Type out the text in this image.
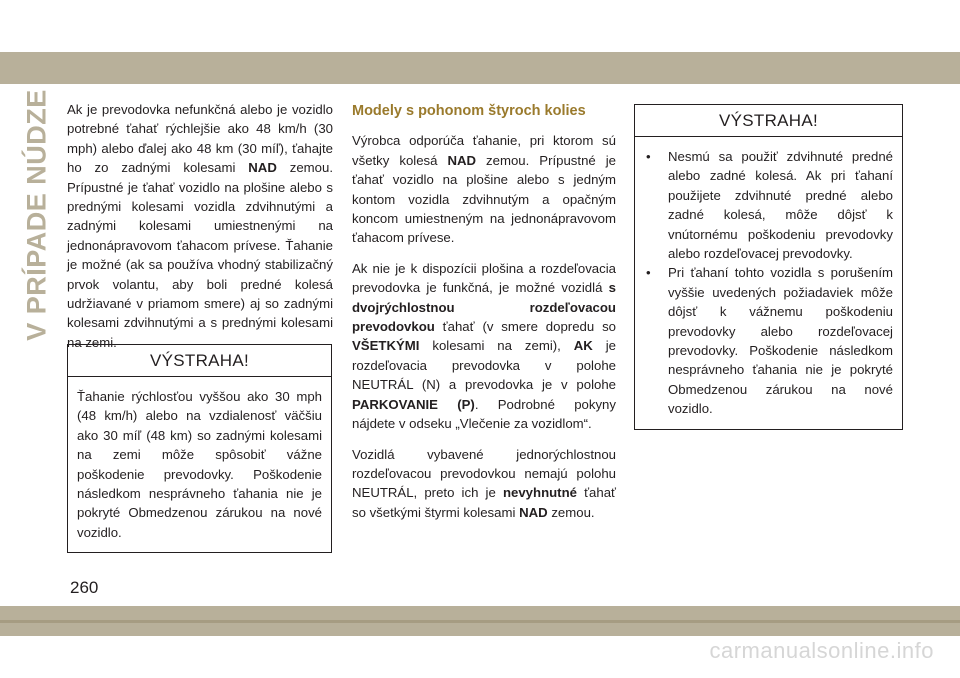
V PRÍPADE NÚDZE Ak je prevodovka nefunkčná alebo je vozidlo potrebné ťahať rýchlejšie ako 48 km/h (30 mph) alebo ďalej ako 48 km (30 míľ), ťahajte ho zo zadnými kolesami NAD zemou. Prípustné je ťahať vozidlo na plošine alebo s prednými kolesami vozidla zdvihnutými a zadnými kolesami umiestnenými na jednonápravovom ťahacom prívese. Ťahanie je možné (ak sa používa vhodný stabilizačný prvok volantu, aby boli predné kolesá udržiavané v priamom smere) aj so zadnými kolesami zdvihnutými a s prednými kolesami na zemi.

VÝSTRAHA!
Ťahanie rýchlosťou vyššou ako 30 mph (48 km/h) alebo na vzdialenosť väčšiu ako 30 míľ (48 km) so zadnými kolesami na zemi môže spôsobiť vážne poškodenie prevodovky. Poškodenie následkom nesprávneho ťahania nie je pokryté Obmedzenou zárukou na nové vozidlo.
Modely s pohonom štyroch kolies

Výrobca odporúča ťahanie, pri ktorom sú všetky kolesá NAD zemou. Prípustné je ťahať vozidlo na plošine alebo s jedným kontom vozidla zdvihnutým a opačným koncom umiestneným na jednonápravovom ťahacom prívese.

Ak nie je k dispozícii plošina a rozdeľovacia prevodovka je funkčná, je možné vozidlá s dvojrýchlostnou rozdeľovacou prevodovkou ťahať (v smere dopredu so VŠETKÝMI kolesami na zemi), AK je rozdeľovacia prevodovka v polohe NEUTRÁL (N) a prevodovka je v polohe PARKOVANIE (P). Podrobné pokyny nájdete v odseku „Vlečenie za vozidlom“.

Vozidlá vybavené jednorýchlostnou rozdeľovacou prevodovkou nemajú polohu NEUTRÁL, preto ich je nevyhnutné ťahať so všetkými štyrmi kolesami NAD zemou.

VÝSTRAHA!
• Nesmú sa použiť zdvihnuté predné alebo zadné kolesá. Ak pri ťahaní použijete zdvihnuté predné alebo zadné kolesá, môže dôjsť k vnútornému poškodeniu prevodovky alebo rozdeľovacej prevodovky.
• Pri ťahaní tohto vozidla s porušením vyššie uvedených požiadaviek môže dôjsť k vážnemu poškodeniu prevodovky alebo rozdeľovacej prevodovky. Poškodenie následkom nesprávneho ťahania nie je pokryté Obmedzenou zárukou na nové vozidlo.
260
carmanualsonline.info
